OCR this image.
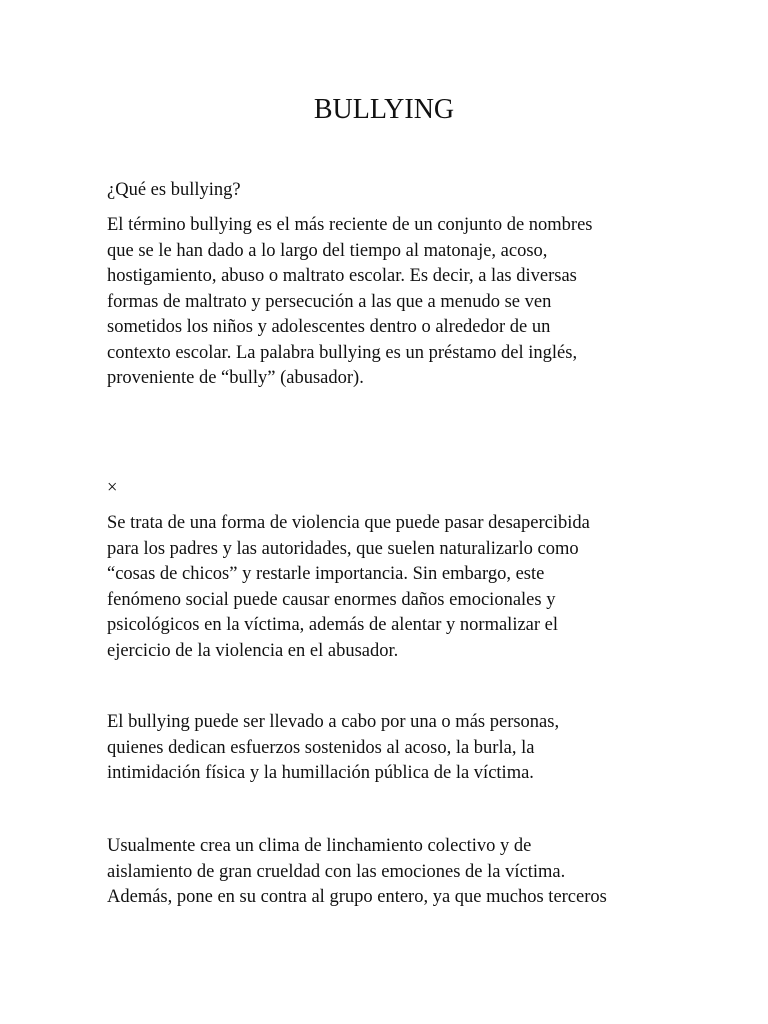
BULLYING

¿Qué es bullying?

El término bullying es el más reciente de un conjunto de nombres
que se le han dado a lo largo del tiempo al matonaje, acoso,
hostigamiento, abuso o maltrato escolar. Es decir, a las diversas
formas de maltrato y persecución a las que a menudo se ven
sometidos los niños y adolescentes dentro o alrededor de un
contexto escolar. La palabra bullying es un préstamo del inglés,
proveniente de “bully” (abusador).

×

Se trata de una forma de violencia que puede pasar desapercibida
para los padres y las autoridades, que suelen naturalizarlo como
“cosas de chicos” y restarle importancia. Sin embargo, este
fenómeno social puede causar enormes daños emocionales y
psicológicos en la víctima, además de alentar y normalizar el
ejercicio de la violencia en el abusador.

El bullying puede ser llevado a cabo por una o más personas,
quienes dedican esfuerzos sostenidos al acoso, la burla, la
intimidación física y la humillación pública de la víctima.

Usualmente crea un clima de linchamiento colectivo y de
aislamiento de gran crueldad con las emociones de la víctima.
Además, pone en su contra al grupo entero, ya que muchos terceros
